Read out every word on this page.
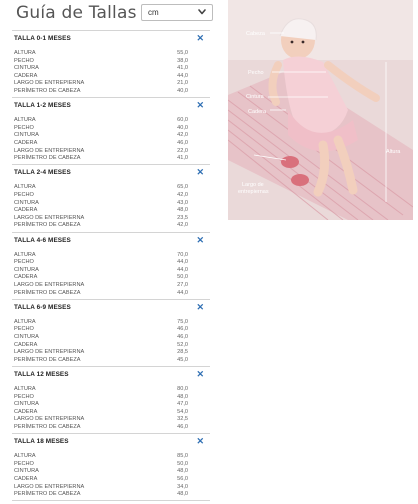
Guía de Tallas	cm
Cabeza
Pecho
Cintura
Cadera
Altura
Largo de
entrepiernas
TALLA 0-1 MESES	✕
ALTURA	55,0
PECHO	38,0
CINTURA	41,0
CADERA	44,0
LARGO DE ENTREPIERNA	21,0
PERÍMETRO DE CABEZA	40,0
TALLA 1-2 MESES	✕
ALTURA	60,0
PECHO	40,0
CINTURA	42,0
CADERA	46,0
LARGO DE ENTREPIERNA	22,0
PERÍMETRO DE CABEZA	41,0
TALLA 2-4 MESES	✕
ALTURA	65,0
PECHO	42,0
CINTURA	43,0
CADERA	48,0
LARGO DE ENTREPIERNA	23,5
PERÍMETRO DE CABEZA	42,0
TALLA 4-6 MESES	✕
ALTURA	70,0
PECHO	44,0
CINTURA	44,0
CADERA	50,0
LARGO DE ENTREPIERNA	27,0
PERÍMETRO DE CABEZA	44,0
TALLA 6-9 MESES	✕
ALTURA	75,0
PECHO	46,0
CINTURA	46,0
CADERA	52,0
LARGO DE ENTREPIERNA	28,5
PERÍMETRO DE CABEZA	45,0
TALLA 12 MESES	✕
ALTURA	80,0
PECHO	48,0
CINTURA	47,0
CADERA	54,0
LARGO DE ENTREPIERNA	32,5
PERÍMETRO DE CABEZA	46,0
TALLA 18 MESES	✕
ALTURA	85,0
PECHO	50,0
CINTURA	48,0
CADERA	56,0
LARGO DE ENTREPIERNA	34,0
PERÍMETRO DE CABEZA	48,0
